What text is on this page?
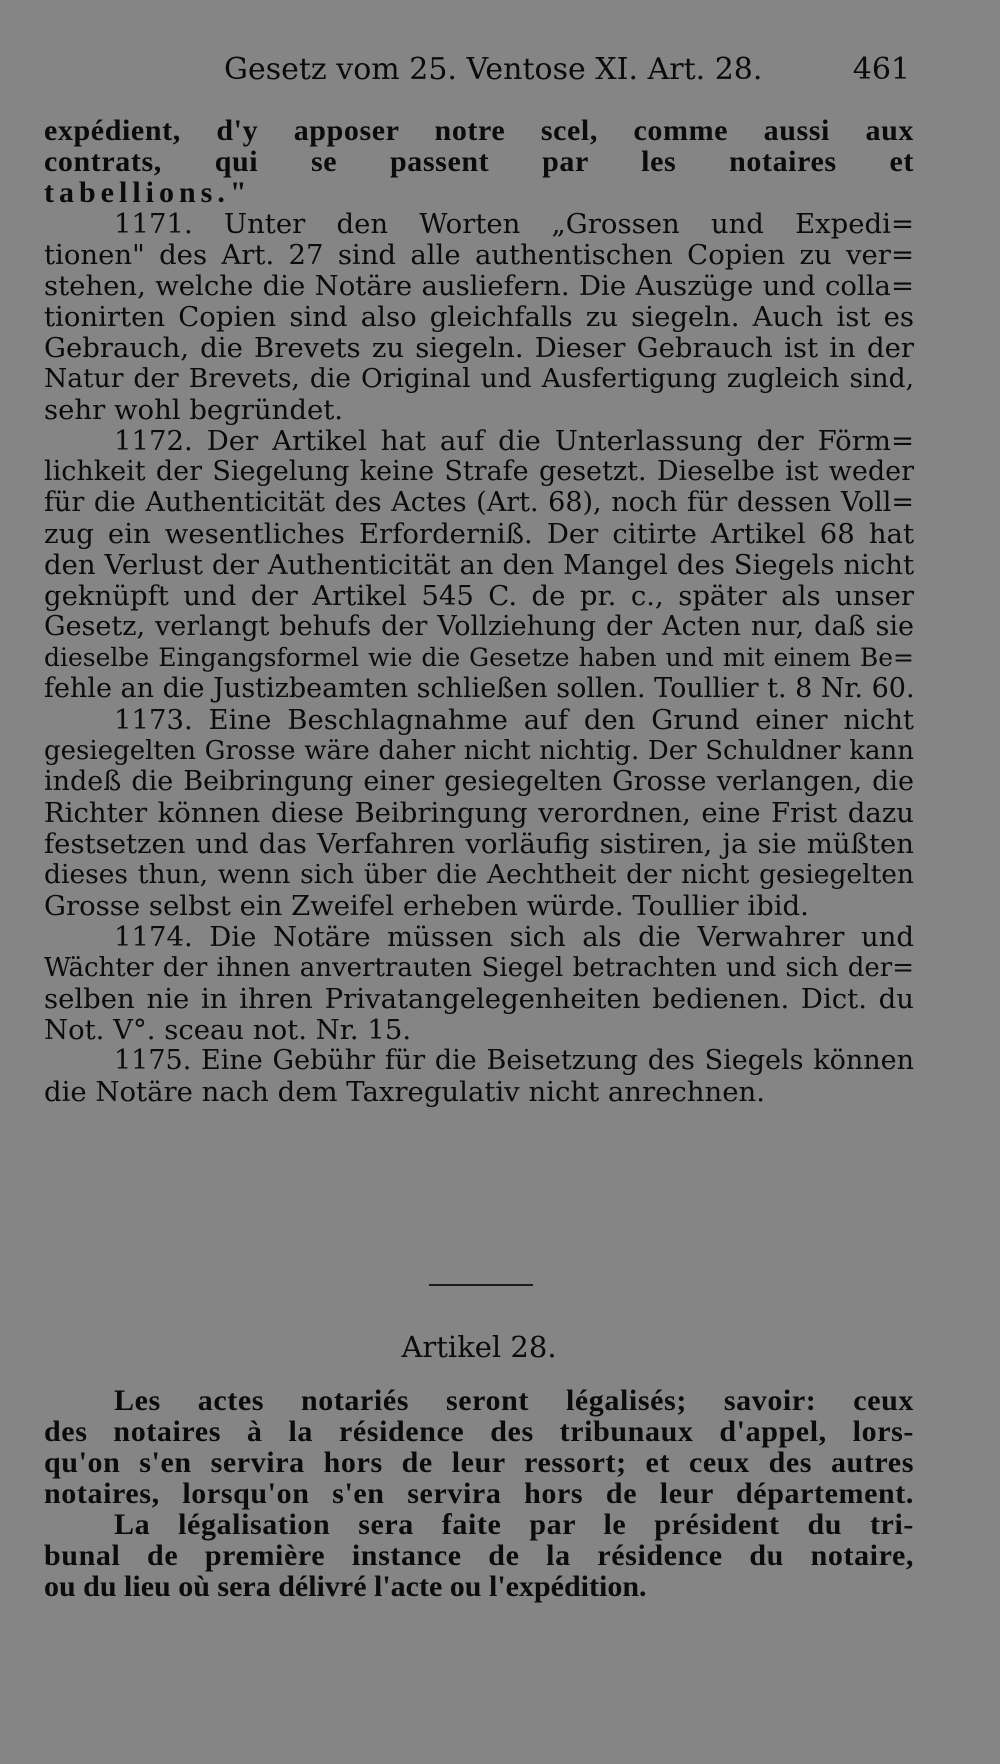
Gesetz vom 25. Ventose XI. Art. 28.	461
expédient, d'y apposer notre scel, comme aussi aux
contrats, qui se passent par les notaires et
tabellions."
1171. Unter den Worten „Grossen und Expedi=
tionen" des Art. 27 sind alle authentischen Copien zu ver=
stehen, welche die Notäre ausliefern. Die Auszüge und colla=
tionirten Copien sind also gleichfalls zu siegeln. Auch ist es
Gebrauch, die Brevets zu siegeln. Dieser Gebrauch ist in der
Natur der Brevets, die Original und Ausfertigung zugleich sind,
sehr wohl begründet.
1172. Der Artikel hat auf die Unterlassung der Förm=
lichkeit der Siegelung keine Strafe gesetzt. Dieselbe ist weder
für die Authenticität des Actes (Art. 68), noch für dessen Voll=
zug ein wesentliches Erforderniß. Der citirte Artikel 68 hat
den Verlust der Authenticität an den Mangel des Siegels nicht
geknüpft und der Artikel 545 C. de pr. c., später als unser
Gesetz, verlangt behufs der Vollziehung der Acten nur, daß sie
dieselbe Eingangsformel wie die Gesetze haben und mit einem Be=
fehle an die Justizbeamten schließen sollen. Toullier t. 8 Nr. 60.
1173. Eine Beschlagnahme auf den Grund einer nicht
gesiegelten Grosse wäre daher nicht nichtig. Der Schuldner kann
indeß die Beibringung einer gesiegelten Grosse verlangen, die
Richter können diese Beibringung verordnen, eine Frist dazu
festsetzen und das Verfahren vorläufig sistiren, ja sie müßten
dieses thun, wenn sich über die Aechtheit der nicht gesiegelten
Grosse selbst ein Zweifel erheben würde. Toullier ibid.
1174. Die Notäre müssen sich als die Verwahrer und
Wächter der ihnen anvertrauten Siegel betrachten und sich der=
selben nie in ihren Privatangelegenheiten bedienen. Dict. du
Not. V°. sceau not. Nr. 15.
1175. Eine Gebühr für die Beisetzung des Siegels können
die Notäre nach dem Taxregulativ nicht anrechnen.
Artikel 28.
Les actes notariés seront légalisés; savoir: ceux
des notaires à la résidence des tribunaux d'appel, lors-
qu'on s'en servira hors de leur ressort; et ceux des autres
notaires, lorsqu'on s'en servira hors de leur département.
La légalisation sera faite par le président du tri-
bunal de première instance de la résidence du notaire,
ou du lieu où sera délivré l'acte ou l'expédition.
